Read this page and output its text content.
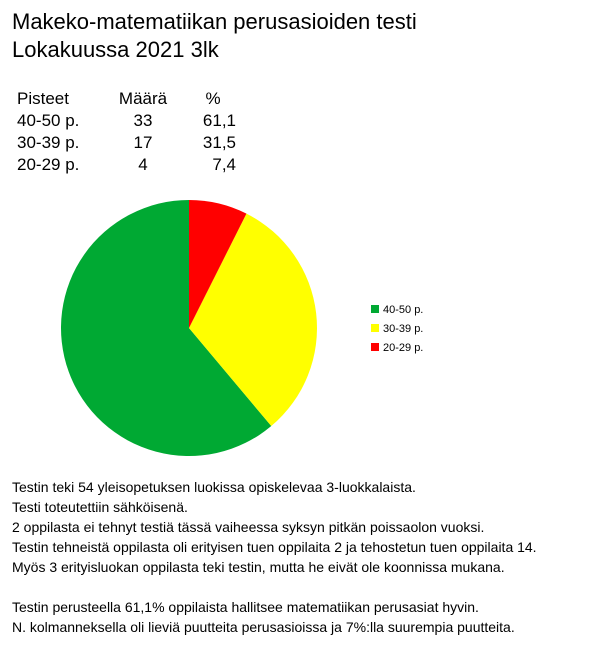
Makeko-matematiikan perusasioiden testi
Lokakuussa 2021 3lk
Pisteet	Määrä	%
40-50 p.	33	61,1
30-39 p.	17	31,5
20-29 p.	4	7,4
40-50 p.
30-39 p.
20-29 p.
Testin teki 54 yleisopetuksen luokissa opiskelevaa 3-luokkalaista.
Testi toteutettiin sähköisenä.
2 oppilasta ei tehnyt testiä tässä vaiheessa syksyn pitkän poissaolon vuoksi.
Testin tehneistä oppilasta oli erityisen tuen oppilaita 2 ja tehostetun tuen oppilaita 14.
Myös 3 erityisluokan oppilasta teki testin, mutta he eivät ole koonnissa mukana.
Testin perusteella 61,1% oppilaista hallitsee matematiikan perusasiat hyvin.
N. kolmanneksella oli lieviä puutteita perusasioissa ja 7%:lla suurempia puutteita.
